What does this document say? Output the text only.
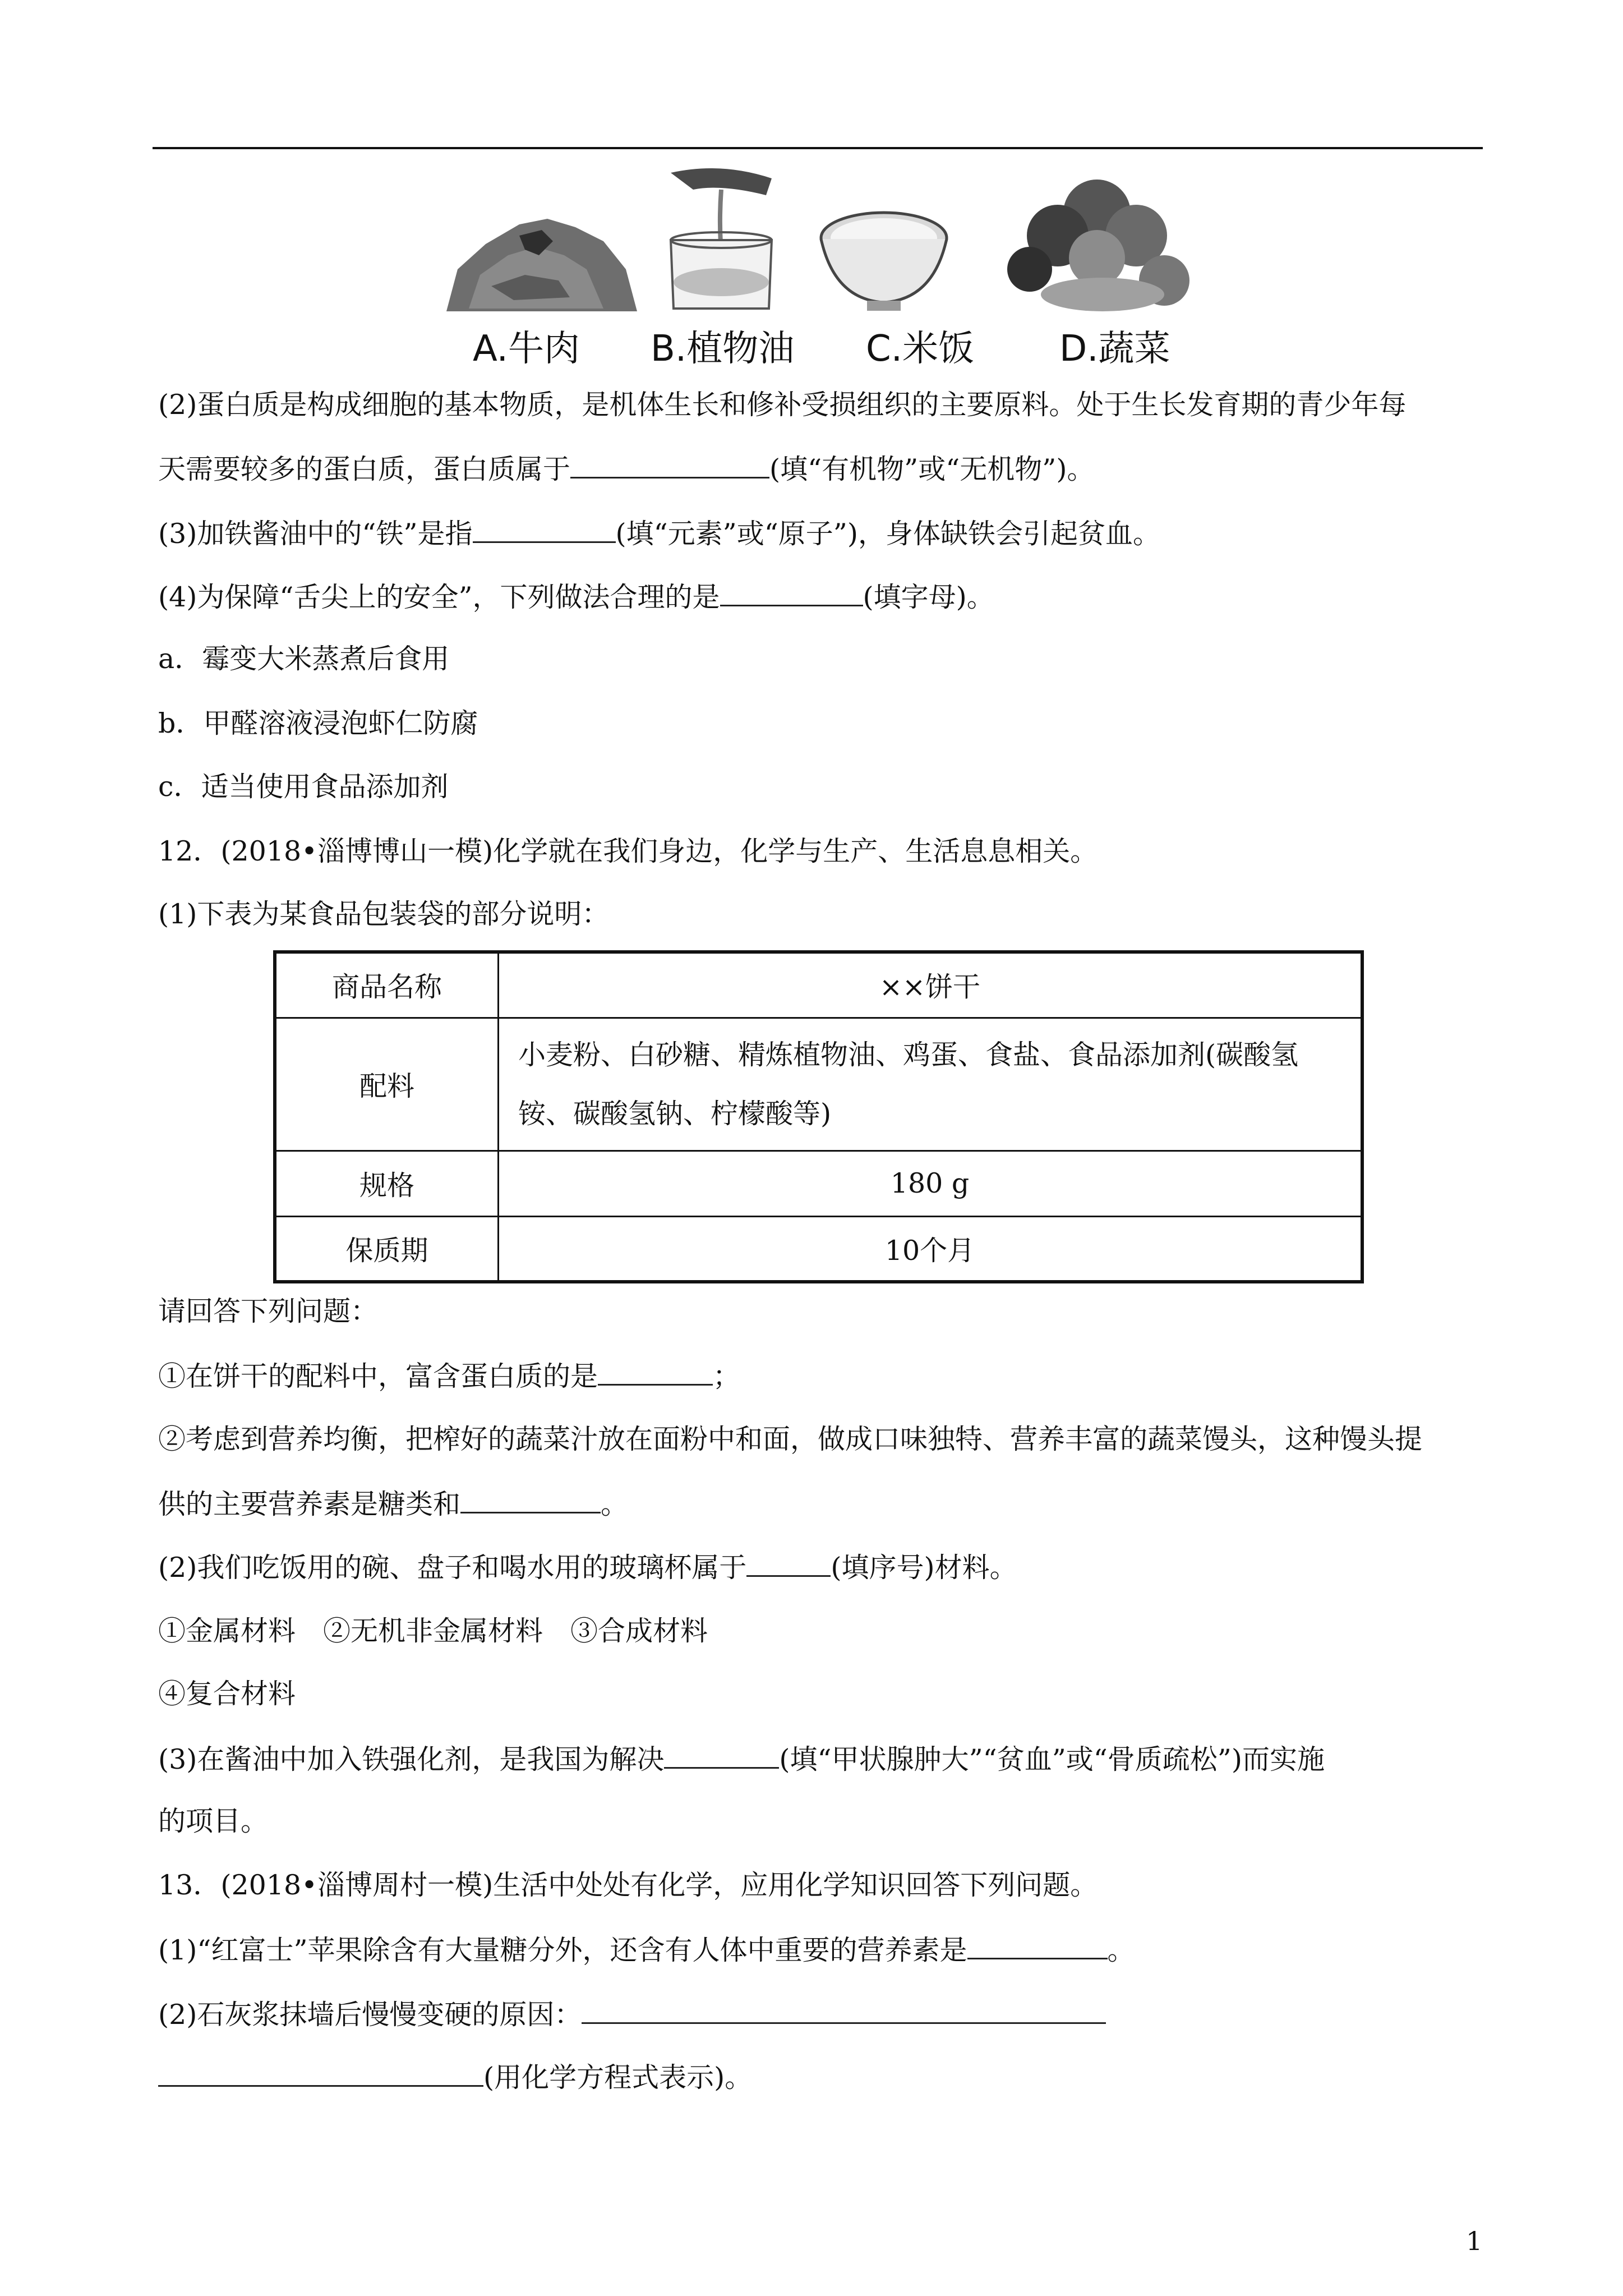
A.牛肉 B.植物油 C.米饭 D.蔬菜
(2)蛋白质是构成细胞的基本物质，是机体生长和修补受损组织的主要原料。处于生长发育期的青少年每
天需要较多的蛋白质，蛋白质属于	(填“有机物”或“无机物”)。
(3)加铁酱油中的“铁”是指	(填“元素”或“原子”)，身体缺铁会引起贫血。
(4)为保障“舌尖上的安全”，下列做法合理的是	(填字母)。
a．霉变大米蒸煮后食用
b．甲醛溶液浸泡虾仁防腐
c．适当使用食品添加剂
12．(2018•淄博博山一模)化学就在我们身边，化学与生产、生活息息相关。
(1)下表为某食品包装袋的部分说明：
商品名称	××饼干
配料	小麦粉、白砂糖、精炼植物油、鸡蛋、食盐、食品添加剂(碳酸氢
铵、碳酸氢钠、柠檬酸等)

规格	180 g
保质期	10个月
请回答下列问题：
①在饼干的配料中，富含蛋白质的是	；
②考虑到营养均衡，把榨好的蔬菜汁放在面粉中和面，做成口味独特、营养丰富的蔬菜馒头，这种馒头提
供的主要营养素是糖类和	。
(2)我们吃饭用的碗、盘子和喝水用的玻璃杯属于	(填序号)材料。
①金属材料　②无机非金属材料　③合成材料
④复合材料
(3)在酱油中加入铁强化剂，是我国为解决	(填“甲状腺肿大”“贫血”或“骨质疏松”)而实施
的项目。
13．(2018•淄博周村一模)生活中处处有化学，应用化学知识回答下列问题。
(1)“红富士”苹果除含有大量糖分外，还含有人体中重要的营养素是	。
(2)石灰浆抹墙后慢慢变硬的原因：
(用化学方程式表示)。
1
